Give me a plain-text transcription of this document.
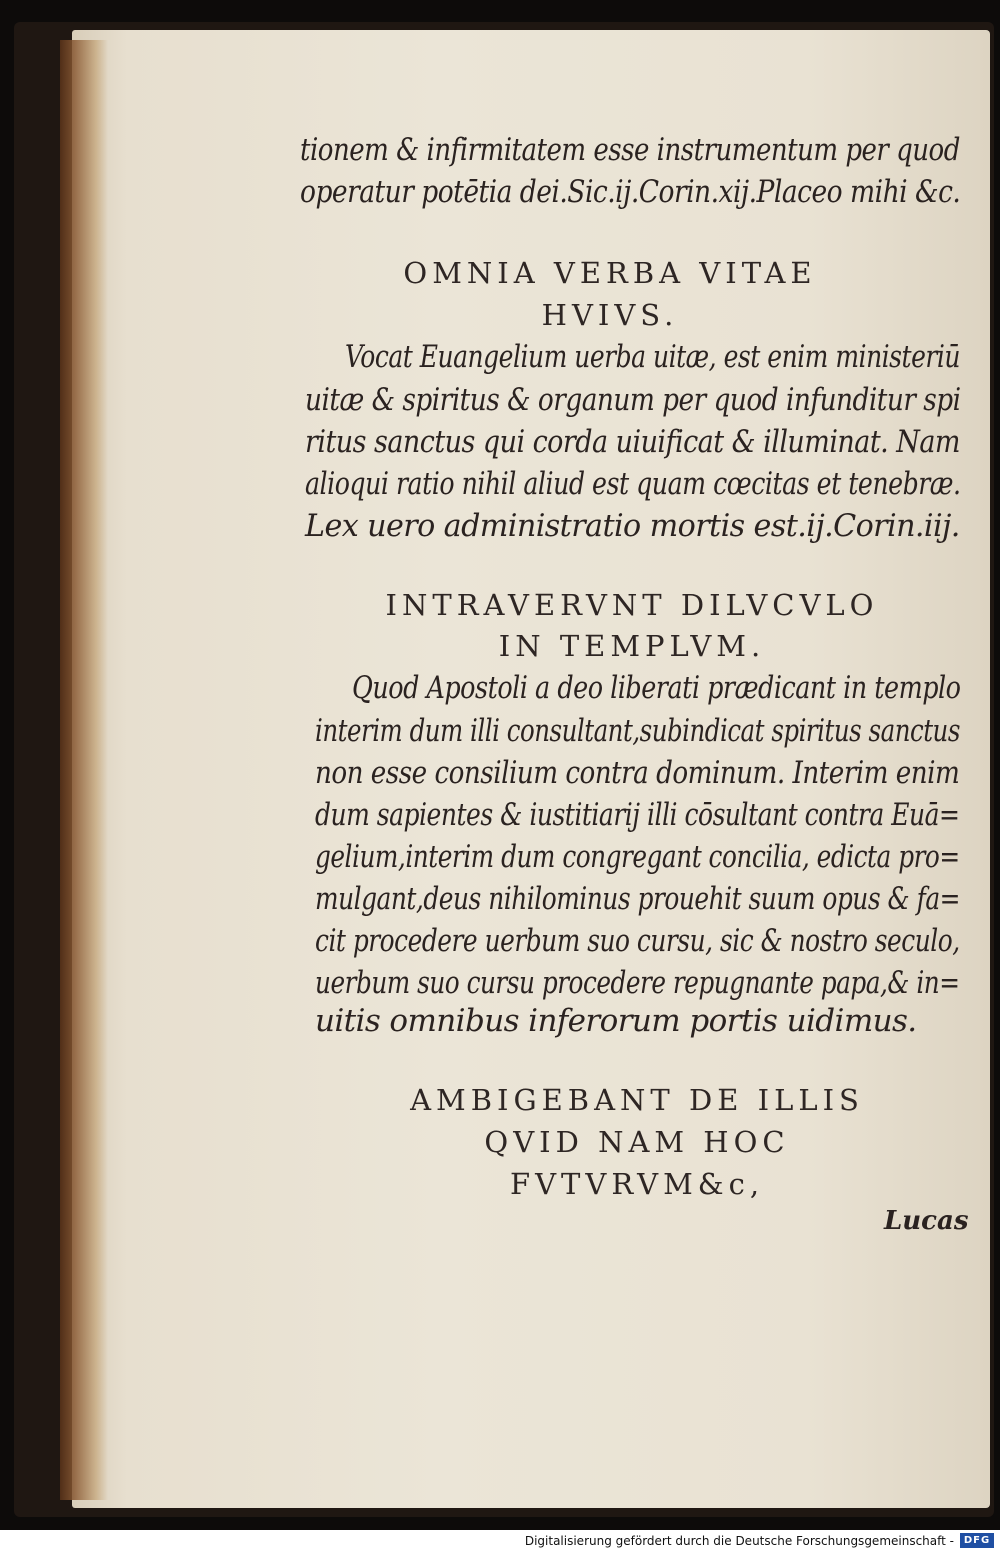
tionem & infirmitatem esse instrumentum per quod

operatur potētia dei.Sic.ij.Corin.xij.Placeo mihi &c.

OMNIA VERBA VITAE
HVIVS.

Vocat Euangelium uerba uitæ, est enim ministeriū

uitæ & spiritus & organum per quod infunditur spi

ritus sanctus qui corda uiuificat & illuminat. Nam

alioqui ratio nihil aliud est quam cœcitas et tenebræ.

Lex uero administratio mortis est.ij.Corin.iij.

INTRAVERVNT DILVCVLO
IN TEMPLVM.

Quod Apostoli a deo liberati prædicant in templo

interim dum illi consultant,subindicat spiritus sanctus

non esse consilium contra dominum. Interim enim

dum sapientes & iustitiarij illi cōsultant contra Euā=

gelium,interim dum congregant concilia, edicta pro=

mulgant,deus nihilominus prouehit suum opus & fa=

cit procedere uerbum suo cursu, sic & nostro seculo,

uerbum suo cursu procedere repugnante papa,& in=

uitis omnibus inferorum portis uidimus.

AMBIGEBANT DE ILLIS
QVID NAM HOC
FVTVRVM&c,
Lucas
Digitalisierung gefördert durch die Deutsche Forschungsgemeinschaft - DFG
